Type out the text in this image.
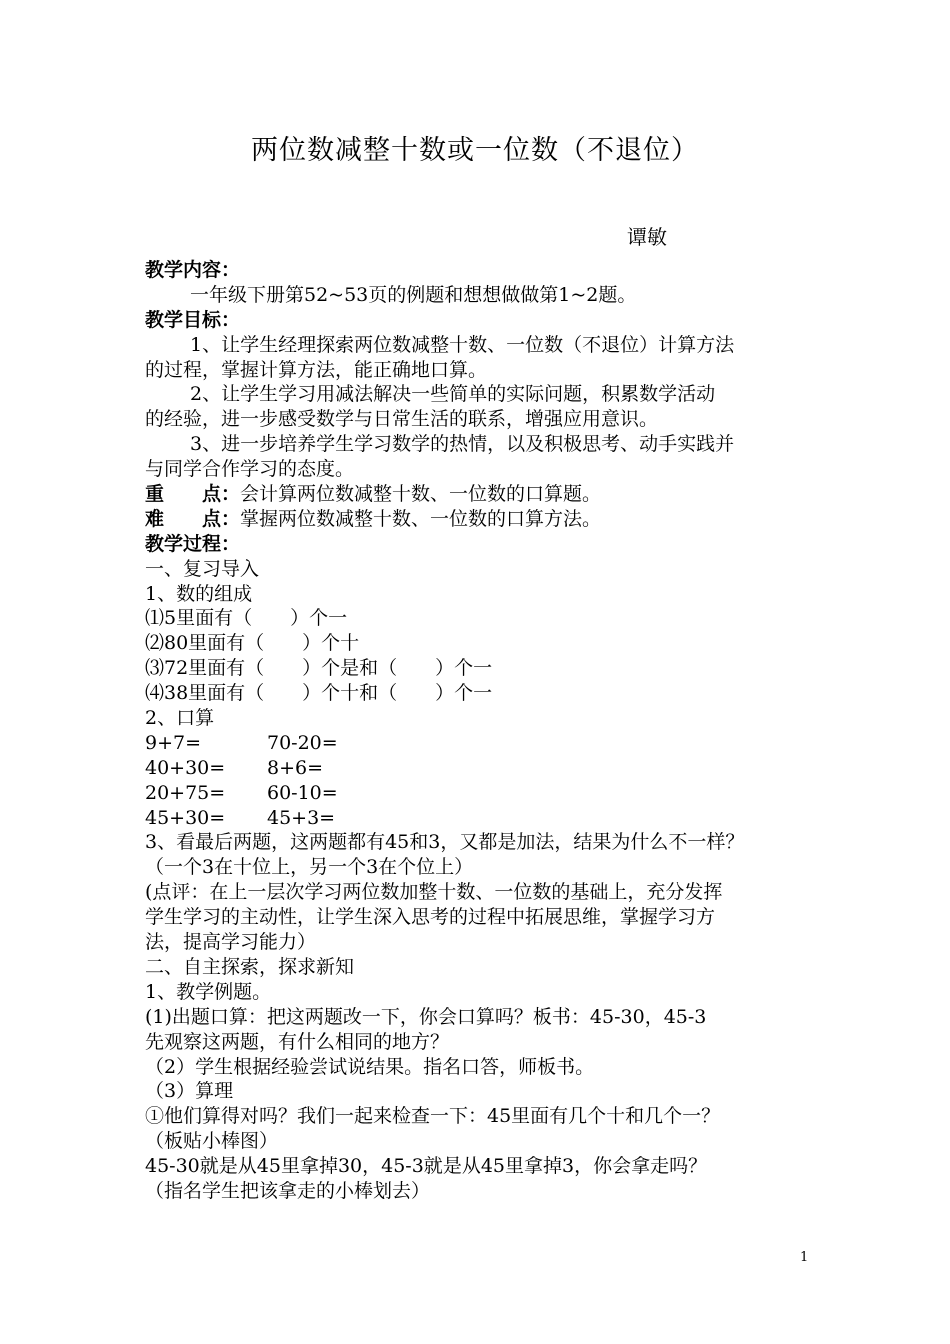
两位数减整十数或一位数（不退位）
谭敏
教学内容：
一年级下册第52~53页的例题和想想做做第1~2题。
教学目标：
1、让学生经理探索两位数减整十数、一位数（不退位）计算方法
的过程，掌握计算方法，能正确地口算。
2、让学生学习用减法解决一些简单的实际问题，积累数学活动
的经验，进一步感受数学与日常生活的联系，增强应用意识。
3、进一步培养学生学习数学的热情，以及积极思考、动手实践并
与同学合作学习的态度。
重　　点：会计算两位数减整十数、一位数的口算题。
难　　点：掌握两位数减整十数、一位数的口算方法。
教学过程：
一、复习导入
1、数的组成
⑴5里面有（　　）个一
⑵80里面有（　　）个十
⑶72里面有（　　）个是和（　　）个一
⑷38里面有（　　）个十和（　　）个一
2、口算
9+7=	70-20=
40+30= 8+6=
20+75= 60-10=
45+30= 45+3=
3、看最后两题，这两题都有45和3，又都是加法，结果为什么不一样？
（一个3在十位上，另一个3在个位上）
(点评：在上一层次学习两位数加整十数、一位数的基础上，充分发挥
学生学习的主动性，让学生深入思考的过程中拓展思维，掌握学习方
法，提高学习能力）
二、自主探索，探求新知
1、教学例题。
(1)出题口算：把这两题改一下，你会口算吗？板书：45-30，45-3
先观察这两题，有什么相同的地方？
（2）学生根据经验尝试说结果。指名口答，师板书。
（3）算理
①他们算得对吗？我们一起来检查一下：45里面有几个十和几个一？
（板贴小棒图）
45-30就是从45里拿掉30，45-3就是从45里拿掉3，你会拿走吗？
（指名学生把该拿走的小棒划去）
1
